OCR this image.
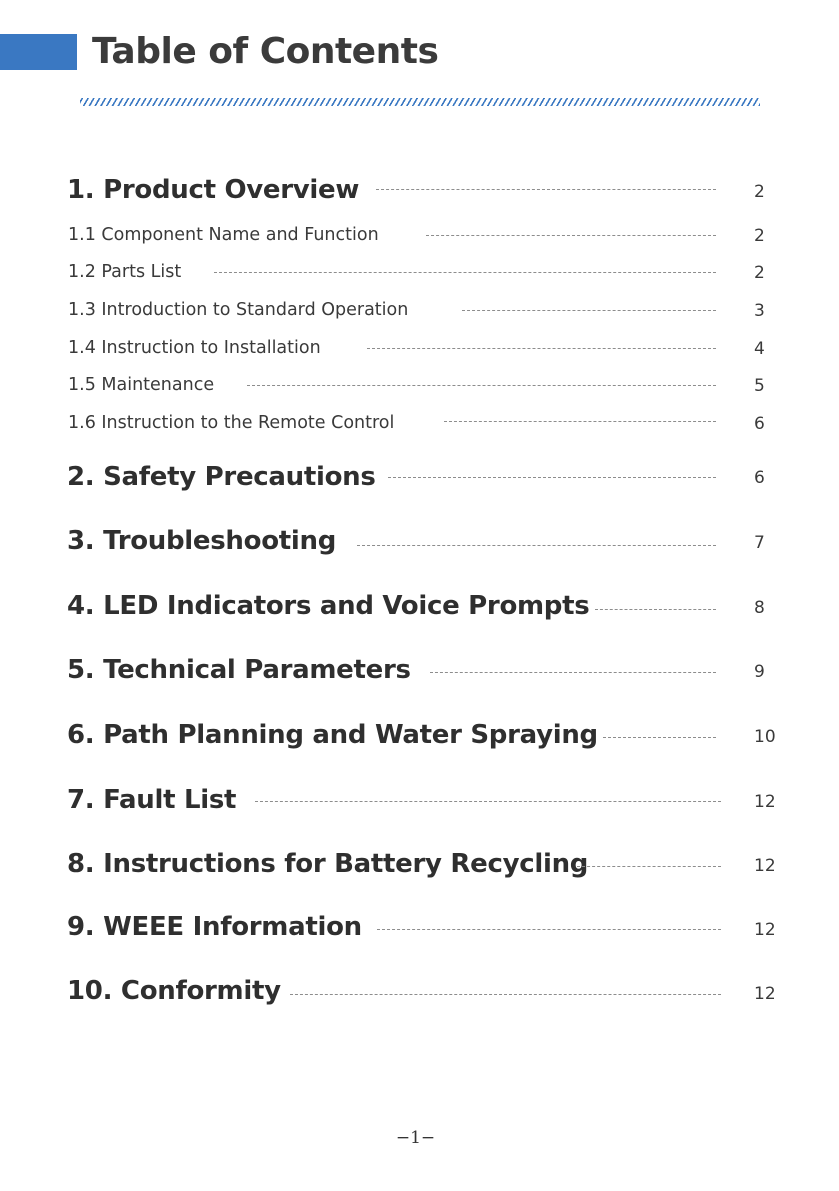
Table of Contents
1. Product Overview	2
1.1 Component Name and Function	2
1.2 Parts List	2
1.3 Introduction to Standard Operation	3
1.4 Instruction to Installation	4
1.5 Maintenance	5
1.6 Instruction to the Remote Control	6
2. Safety Precautions	6
3. Troubleshooting	7
4. LED Indicators and Voice Prompts	8
5. Technical Parameters	9
6. Path Planning and Water Spraying	10
7. Fault List	12
8. Instructions for Battery Recycling	12
9. WEEE Information	12
10. Conformity	12
−1−
